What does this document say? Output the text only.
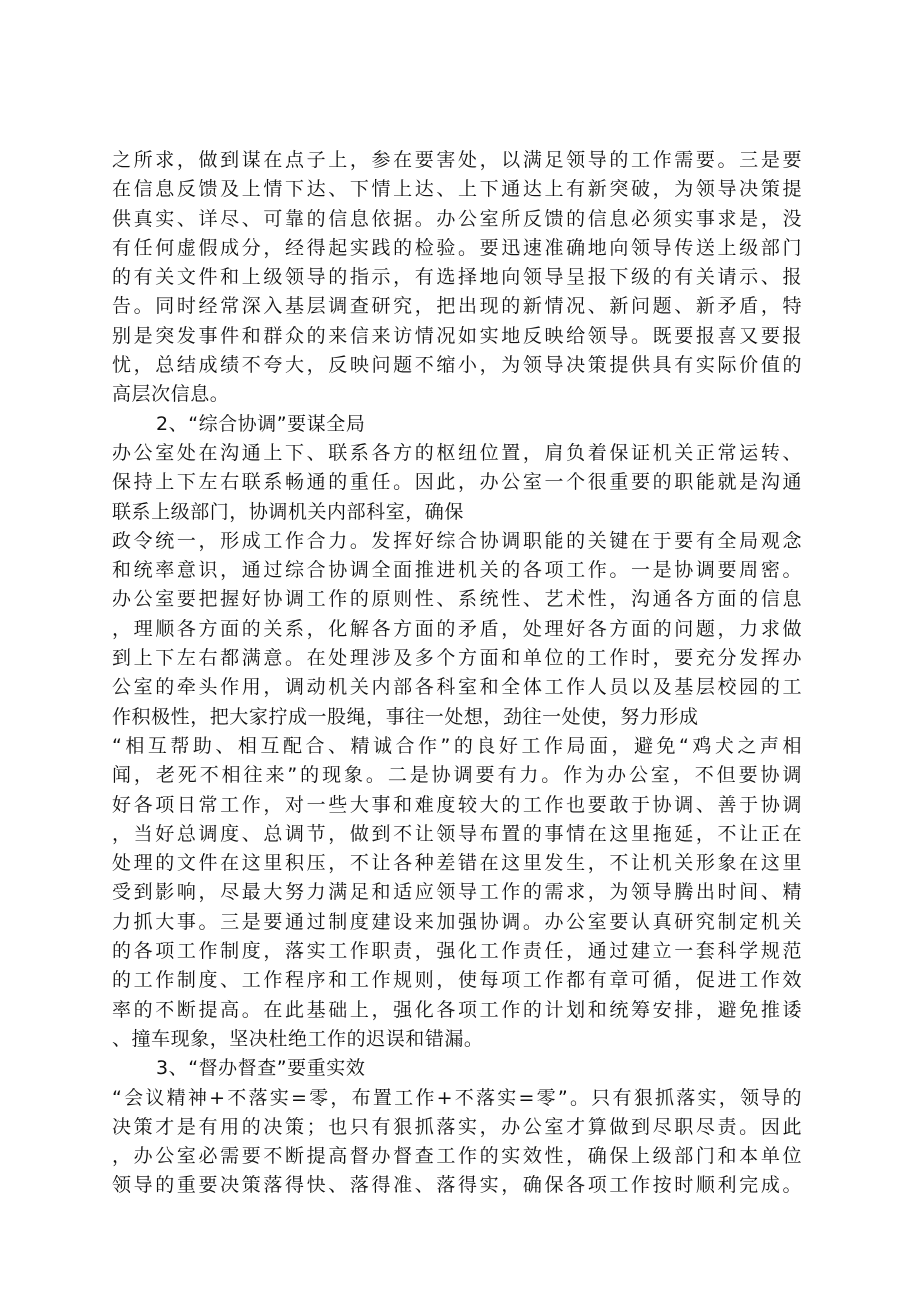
之所求，做到谋在点子上，参在要害处，以满足领导的工作需要。三是要
在信息反馈及上情下达、下情上达、上下通达上有新突破，为领导决策提
供真实、详尽、可靠的信息依据。办公室所反馈的信息必须实事求是，没
有任何虚假成分，经得起实践的检验。要迅速准确地向领导传送上级部门
的有关文件和上级领导的指示，有选择地向领导呈报下级的有关请示、报
告。同时经常深入基层调查研究，把出现的新情况、新问题、新矛盾，特
别是突发事件和群众的来信来访情况如实地反映给领导。既要报喜又要报
忧，总结成绩不夸大，反映问题不缩小，为领导决策提供具有实际价值的
高层次信息。
2、“综合协调”要谋全局
办公室处在沟通上下、联系各方的枢纽位置，肩负着保证机关正常运转、
保持上下左右联系畅通的重任。因此，办公室一个很重要的职能就是沟通
联系上级部门，协调机关内部科室，确保
政令统一，形成工作合力。发挥好综合协调职能的关键在于要有全局观念
和统率意识，通过综合协调全面推进机关的各项工作。一是协调要周密。
办公室要把握好协调工作的原则性、系统性、艺术性，沟通各方面的信息
，理顺各方面的关系，化解各方面的矛盾，处理好各方面的问题，力求做
到上下左右都满意。在处理涉及多个方面和单位的工作时，要充分发挥办
公室的牵头作用，调动机关内部各科室和全体工作人员以及基层校园的工
作积极性，把大家拧成一股绳，事往一处想，劲往一处使，努力形成
“相互帮助、相互配合、精诚合作”的良好工作局面，避免“鸡犬之声相
闻，老死不相往来”的现象。二是协调要有力。作为办公室，不但要协调
好各项日常工作，对一些大事和难度较大的工作也要敢于协调、善于协调
，当好总调度、总调节，做到不让领导布置的事情在这里拖延，不让正在
处理的文件在这里积压，不让各种差错在这里发生，不让机关形象在这里
受到影响，尽最大努力满足和适应领导工作的需求，为领导腾出时间、精
力抓大事。三是要通过制度建设来加强协调。办公室要认真研究制定机关
的各项工作制度，落实工作职责，强化工作责任，通过建立一套科学规范
的工作制度、工作程序和工作规则，使每项工作都有章可循，促进工作效
率的不断提高。在此基础上，强化各项工作的计划和统筹安排，避免推诿
、撞车现象，坚决杜绝工作的迟误和错漏。
3、“督办督查”要重实效
“会议精神+不落实=零，布置工作+不落实=零”。只有狠抓落实，领导的
决策才是有用的决策；也只有狠抓落实，办公室才算做到尽职尽责。因此
，办公室必需要不断提高督办督查工作的实效性，确保上级部门和本单位
领导的重要决策落得快、落得准、落得实，确保各项工作按时顺利完成。
